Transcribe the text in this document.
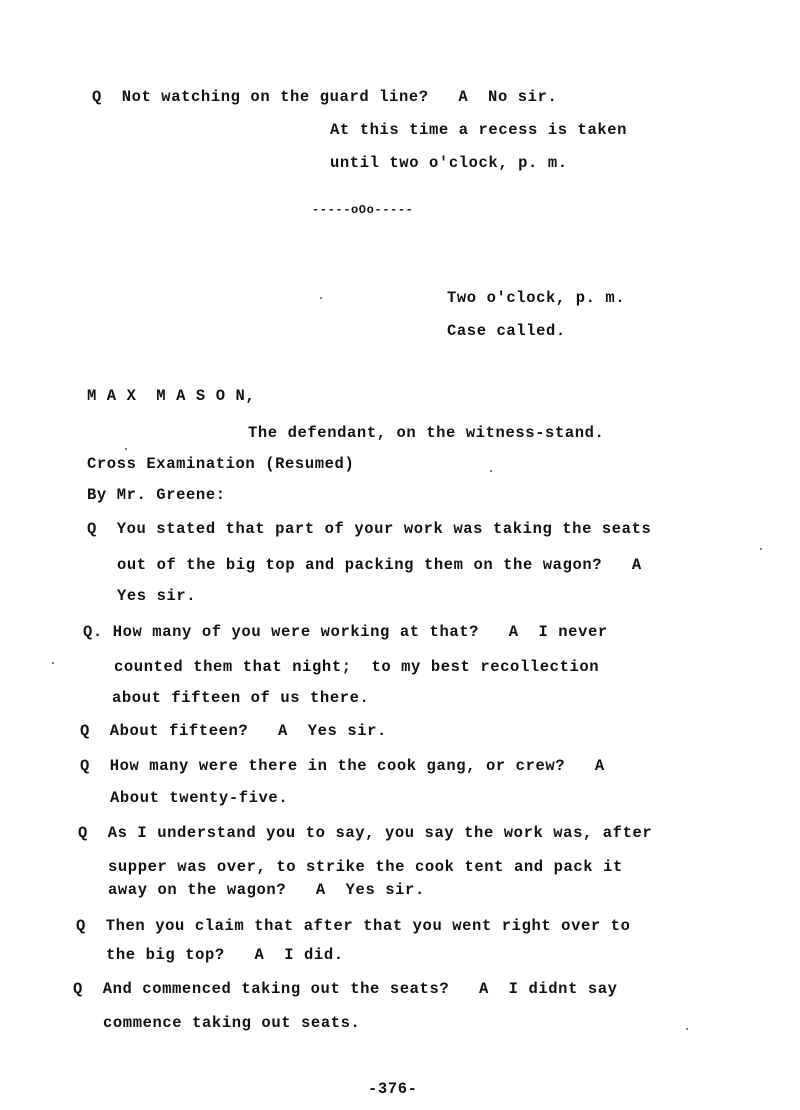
Q  Not watching on the guard line?   A  No sir.
At this time a recess is taken
until two o'clock, p. m.
-----oOo-----
Two o'clock, p. m.
Case called.
M A X  M A S O N,
The defendant, on the witness-stand.
Cross Examination (Resumed)
By Mr. Greene:
Q  You stated that part of your work was taking the seats
out of the big top and packing them on the wagon?   A
Yes sir.
Q. How many of you were working at that?   A  I never
counted them that night;  to my best recollection
about fifteen of us there.
Q  About fifteen?   A  Yes sir.
Q  How many were there in the cook gang, or crew?   A
About twenty-five.
Q  As I understand you to say, you say the work was, after
supper was over, to strike the cook tent and pack it
away on the wagon?   A  Yes sir.
Q  Then you claim that after that you went right over to
the big top?   A  I did.
Q  And commenced taking out the seats?   A  I didnt say
commence taking out seats.
-376-
